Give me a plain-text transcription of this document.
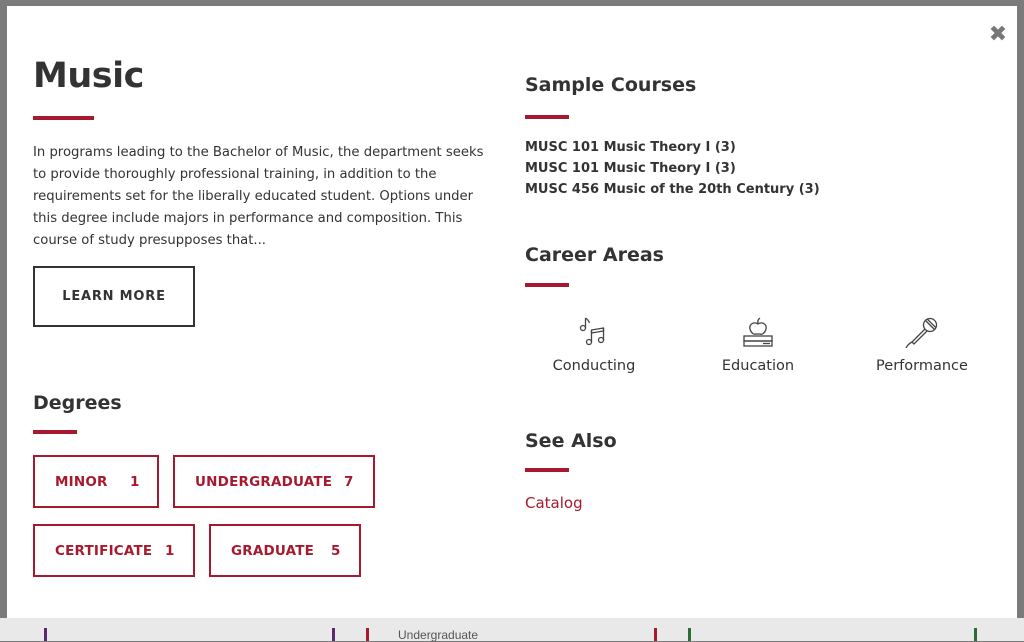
Undergraduate
✖
Music

In programs leading to the Bachelor of Music, the department seeks to provide thoroughly professional training, in addition to the requirements set for the liberally educated student. Options under this degree include majors in performance and composition. This course of study presupposes that...

LEARN MORE
Degrees
MINOR 1	UNDERGRADUATE 7
CERTIFICATE 1	GRADUATE 5
Sample Courses
MUSC 101 Music Theory I (3)
MUSC 101 Music Theory I (3)
MUSC 456 Music of the 20th Century (3)
Career Areas
Conducting	Education	Performance
See Also
Catalog
